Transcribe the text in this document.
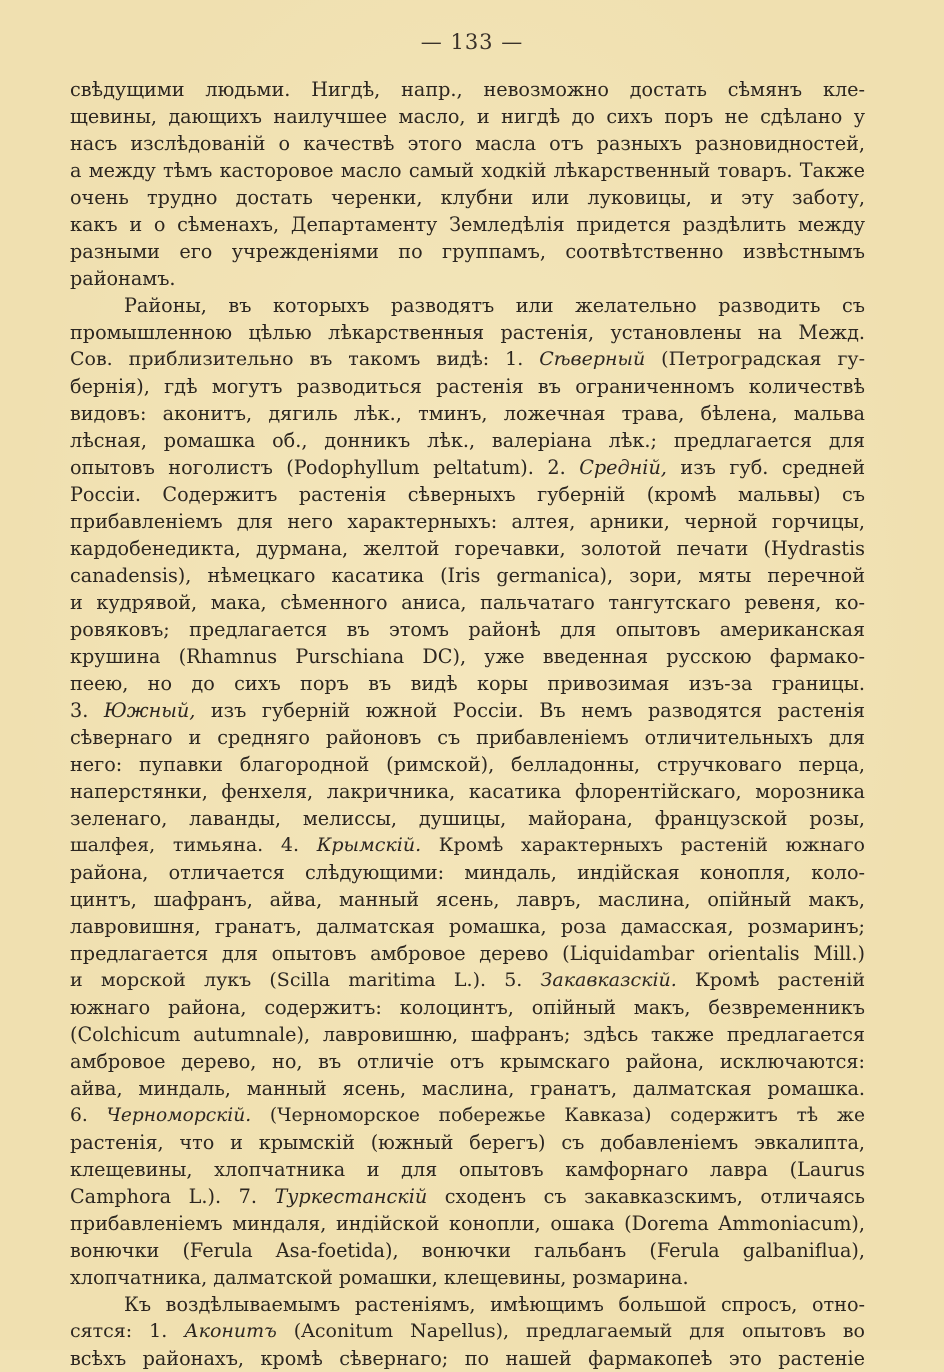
— 133 —
свѣдущими людьми. Нигдѣ, напр., невозможно достать сѣмянъ кле-
щевины, дающихъ наилучшее масло, и нигдѣ до сихъ поръ не сдѣлано у
насъ изслѣдованій о качествѣ этого масла отъ разныхъ разновидностей,
а между тѣмъ касторовое масло самый ходкій лѣкарственный товаръ. Также
очень трудно достать черенки, клубни или луковицы, и эту заботу,
какъ и о сѣменахъ, Департаменту Земледѣлія придется раздѣлить между
разными его учрежденіями по группамъ, соотвѣтственно извѣстнымъ
районамъ.
Районы, въ которыхъ разводятъ или желательно разводить съ
промышленною цѣлью лѣкарственныя растенія, установлены на Межд.
Сов. приблизительно въ такомъ видѣ: 1. Сѣверный (Петроградская гу-
бернія), гдѣ могутъ разводиться растенія въ ограниченномъ количествѣ
видовъ: аконитъ, дягиль лѣк., тминъ, ложечная трава, бѣлена, мальва
лѣсная, ромашка об., донникъ лѣк., валеріана лѣк.; предлагается для
опытовъ ноголистъ (Podophyllum peltatum). 2. Средній, изъ губ. средней
Россіи. Содержитъ растенія сѣверныхъ губерній (кромѣ мальвы) съ
прибавленіемъ для него характерныхъ: алтея, арники, черной горчицы,
кардобенедикта, дурмана, желтой горечавки, золотой печати (Hydrastis
canadensis), нѣмецкаго касатика (Iris germanica), зори, мяты перечной
и кудрявой, мака, сѣменного аниса, пальчатаго тангутскаго ревеня, ко-
ровяковъ; предлагается въ этомъ районѣ для опытовъ американская
крушина (Rhamnus Purschiana DC), уже введенная русскою фармако-
пеею, но до сихъ поръ въ видѣ коры привозимая изъ-за границы.
3. Южный, изъ губерній южной Россіи. Въ немъ разводятся растенія
сѣвернаго и средняго районовъ съ прибавленіемъ отличительныхъ для
него: пупавки благородной (римской), белладонны, стручковаго перца,
наперстянки, фенхеля, лакричника, касатика флорентійскаго, морозника
зеленаго, лаванды, мелиссы, душицы, майорана, французской розы,
шалфея, тимьяна. 4. Крымскій. Кромѣ характерныхъ растеній южнаго
района, отличается слѣдующими: миндаль, индійская конопля, коло-
цинтъ, шафранъ, айва, манный ясень, лавръ, маслина, опійный макъ,
лавровишня, гранатъ, далматская ромашка, роза дамасская, розмаринъ;
предлагается для опытовъ амбровое дерево (Liquidambar orientalis Mill.)
и морской лукъ (Scilla maritima L.). 5. Закавказскій. Кромѣ растеній
южнаго района, содержитъ: колоцинтъ, опійный макъ, безвременникъ
(Colchicum autumnale), лавровишню, шафранъ; здѣсь также предлагается
амбровое дерево, но, въ отличіе отъ крымскаго района, исключаются:
айва, миндаль, манный ясень, маслина, гранатъ, далматская ромашка.
6. Черноморскій. (Черноморское побережье Кавказа) содержитъ тѣ же
растенія, что и крымскій (южный берегъ) съ добавленіемъ эвкалипта,
клещевины, хлопчатника и для опытовъ камфорнаго лавра (Laurus
Camphora L.). 7. Туркестанскій сходенъ съ закавказскимъ, отличаясь
прибавленіемъ миндаля, индійской конопли, ошака (Dorema Ammoniacum),
вонючки (Ferula Asa-foetida), вонючки гальбанъ (Ferula galbaniflua),
хлопчатника, далматской ромашки, клещевины, розмарина.
Къ воздѣлываемымъ растеніямъ, имѣющимъ большой спросъ, отно-
сятся: 1. Аконитъ (Aconitum Napellus), предлагаемый для опытовъ во
всѣхъ районахъ, кромѣ сѣвернаго; по нашей фармакопеѣ это растеніе
